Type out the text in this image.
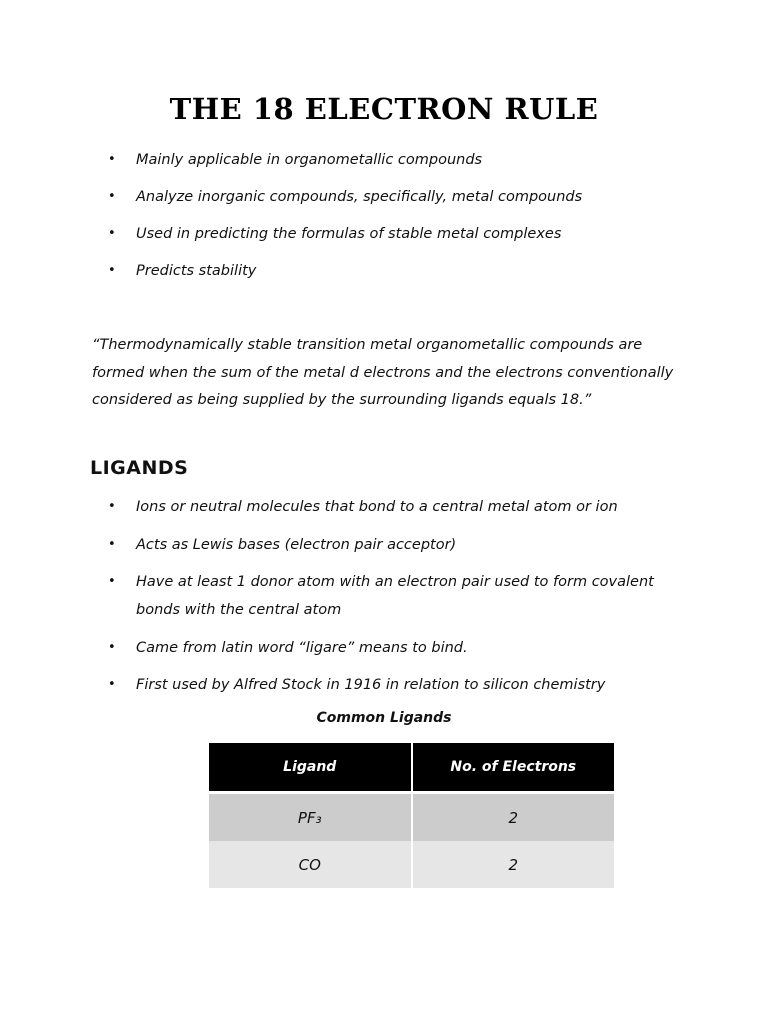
THE 18 ELECTRON RULE
• Mainly applicable in organometallic compounds
• Analyze inorganic compounds, specifically, metal compounds
• Used in predicting the formulas of stable metal complexes
• Predicts stability

“Thermodynamically stable transition metal organometallic compounds are formed when the sum of the metal d electrons and the electrons conventionally considered as being supplied by the surrounding ligands equals 18.”

LIGANDS
• Ions or neutral molecules that bond to a central metal atom or ion
• Acts as Lewis bases (electron pair acceptor)
• Have at least 1 donor atom with an electron pair used to form covalent bonds with the central atom
• Came from latin word “ligare” means to bind.
• First used by Alfred Stock in 1916 in relation to silicon chemistry

Common Ligands

Ligand	No. of Electrons
PF₃	2
CO	2
